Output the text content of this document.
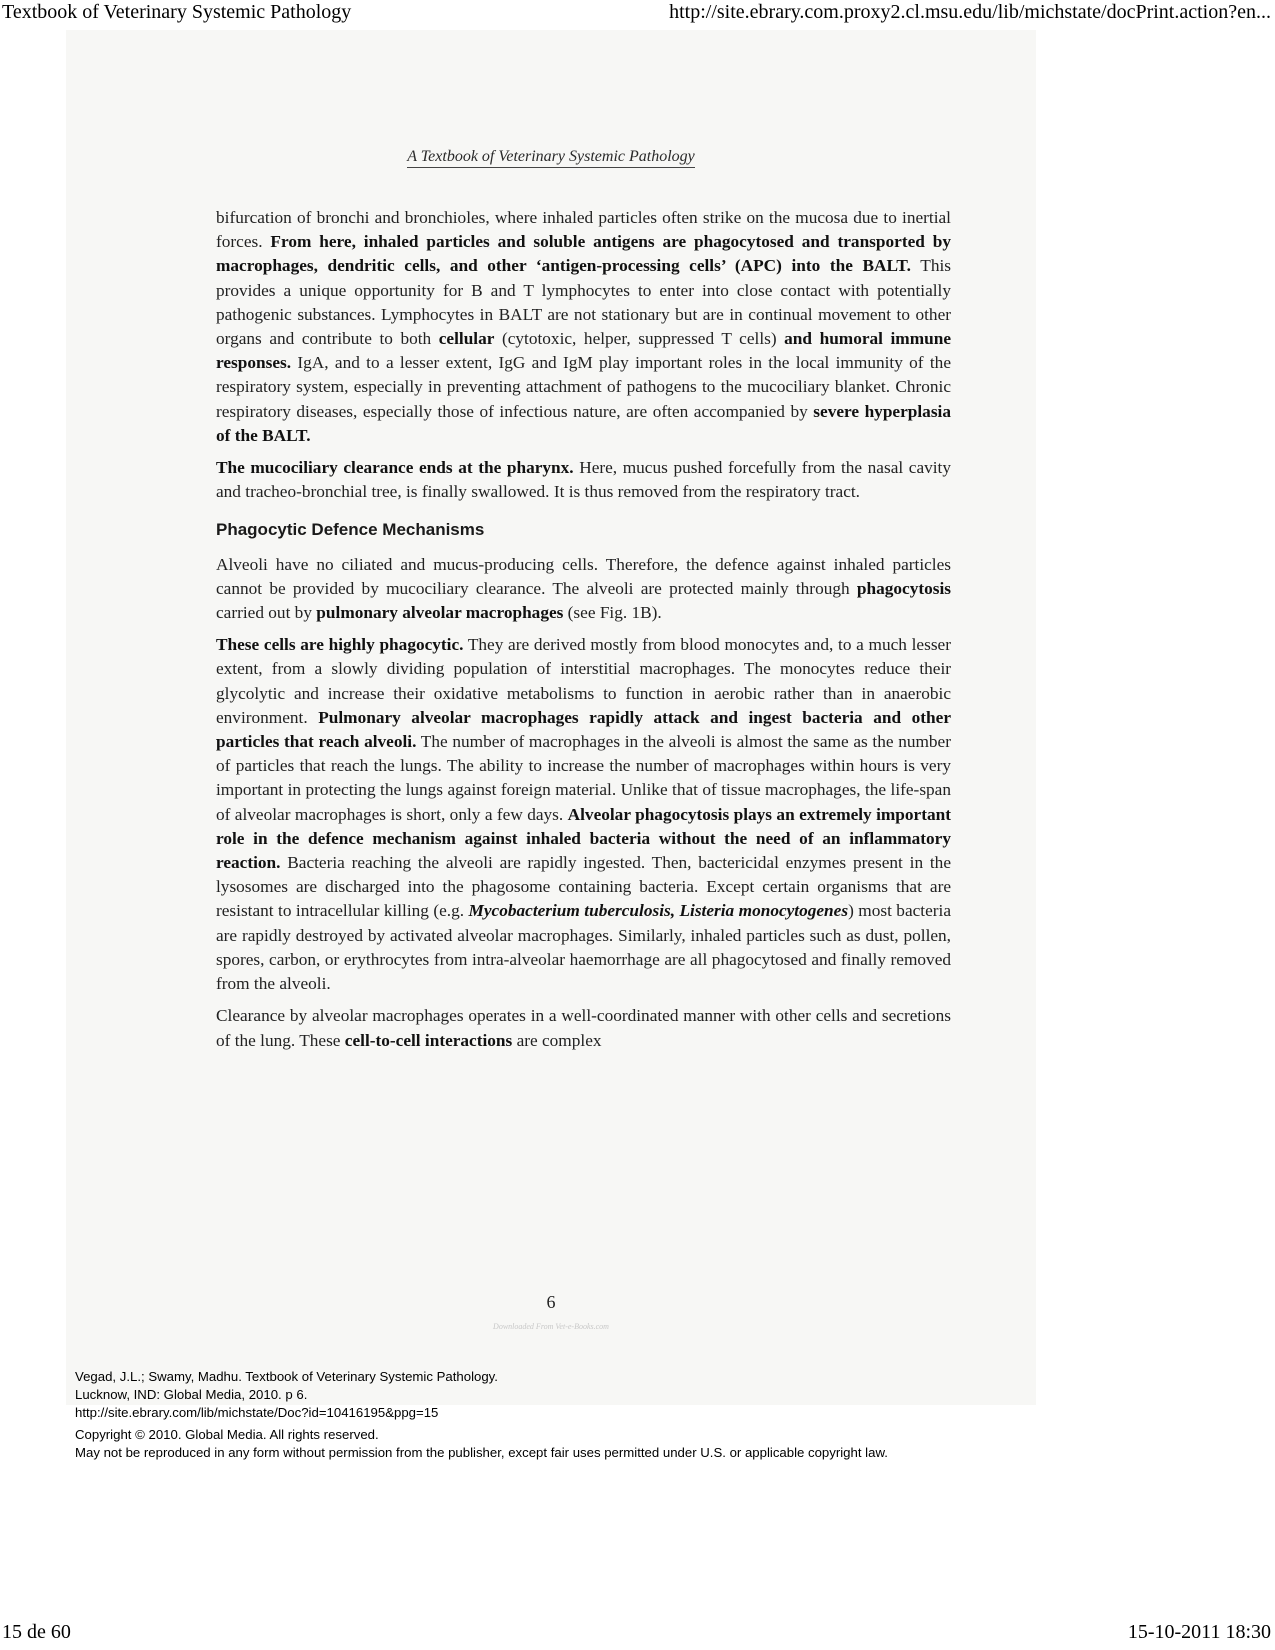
Textbook of Veterinary Systemic Pathology	http://site.ebrary.com.proxy2.cl.msu.edu/lib/michstate/docPrint.action?en...
A Textbook of Veterinary Systemic Pathology

bifurcation of bronchi and bronchioles, where inhaled particles often strike on the mucosa due to inertial forces. From here, inhaled particles and soluble antigens are phagocytosed and transported by macrophages, dendritic cells, and other ‘antigen-processing cells’ (APC) into the BALT. This provides a unique opportunity for B and T lymphocytes to enter into close contact with potentially pathogenic substances. Lymphocytes in BALT are not stationary but are in continual movement to other organs and contribute to both cellular (cytotoxic, helper, suppressed T cells) and humoral immune responses. IgA, and to a lesser extent, IgG and IgM play important roles in the local immunity of the respiratory system, especially in preventing attachment of pathogens to the mucociliary blanket. Chronic respiratory diseases, especially those of infectious nature, are often accompanied by severe hyperplasia of the BALT.

The mucociliary clearance ends at the pharynx. Here, mucus pushed forcefully from the nasal cavity and tracheo-bronchial tree, is finally swallowed. It is thus removed from the respiratory tract.

Phagocytic Defence Mechanisms

Alveoli have no ciliated and mucus-producing cells. Therefore, the defence against inhaled particles cannot be provided by mucociliary clearance. The alveoli are protected mainly through phagocytosis carried out by pulmonary alveolar macrophages (see Fig. 1B).

These cells are highly phagocytic. They are derived mostly from blood monocytes and, to a much lesser extent, from a slowly dividing population of interstitial macrophages. The monocytes reduce their glycolytic and increase their oxidative metabolisms to function in aerobic rather than in anaerobic environment. Pulmonary alveolar macrophages rapidly attack and ingest bacteria and other particles that reach alveoli. The number of macrophages in the alveoli is almost the same as the number of particles that reach the lungs. The ability to increase the number of macrophages within hours is very important in protecting the lungs against foreign material. Unlike that of tissue macrophages, the life-span of alveolar macrophages is short, only a few days. Alveolar phagocytosis plays an extremely important role in the defence mechanism against inhaled bacteria without the need of an inflammatory reaction. Bacteria reaching the alveoli are rapidly ingested. Then, bactericidal enzymes present in the lysosomes are discharged into the phagosome containing bacteria. Except certain organisms that are resistant to intracellular killing (e.g. Mycobacterium tuberculosis, Listeria monocytogenes) most bacteria are rapidly destroyed by activated alveolar macrophages. Similarly, inhaled particles such as dust, pollen, spores, carbon, or erythrocytes from intra-alveolar haemorrhage are all phagocytosed and finally removed from the alveoli.

Clearance by alveolar macrophages operates in a well-coordinated manner with other cells and secretions of the lung. These cell-to-cell interactions are complex

6
Downloaded From Vet-e-Books.com
Vegad, J.L.; Swamy, Madhu. Textbook of Veterinary Systemic Pathology.
Lucknow, IND: Global Media, 2010. p 6.
http://site.ebrary.com/lib/michstate/Doc?id=10416195&ppg=15
Copyright © 2010. Global Media. All rights reserved.
May not be reproduced in any form without permission from the publisher, except fair uses permitted under U.S. or applicable copyright law.
15 de 60	15-10-2011 18:30
